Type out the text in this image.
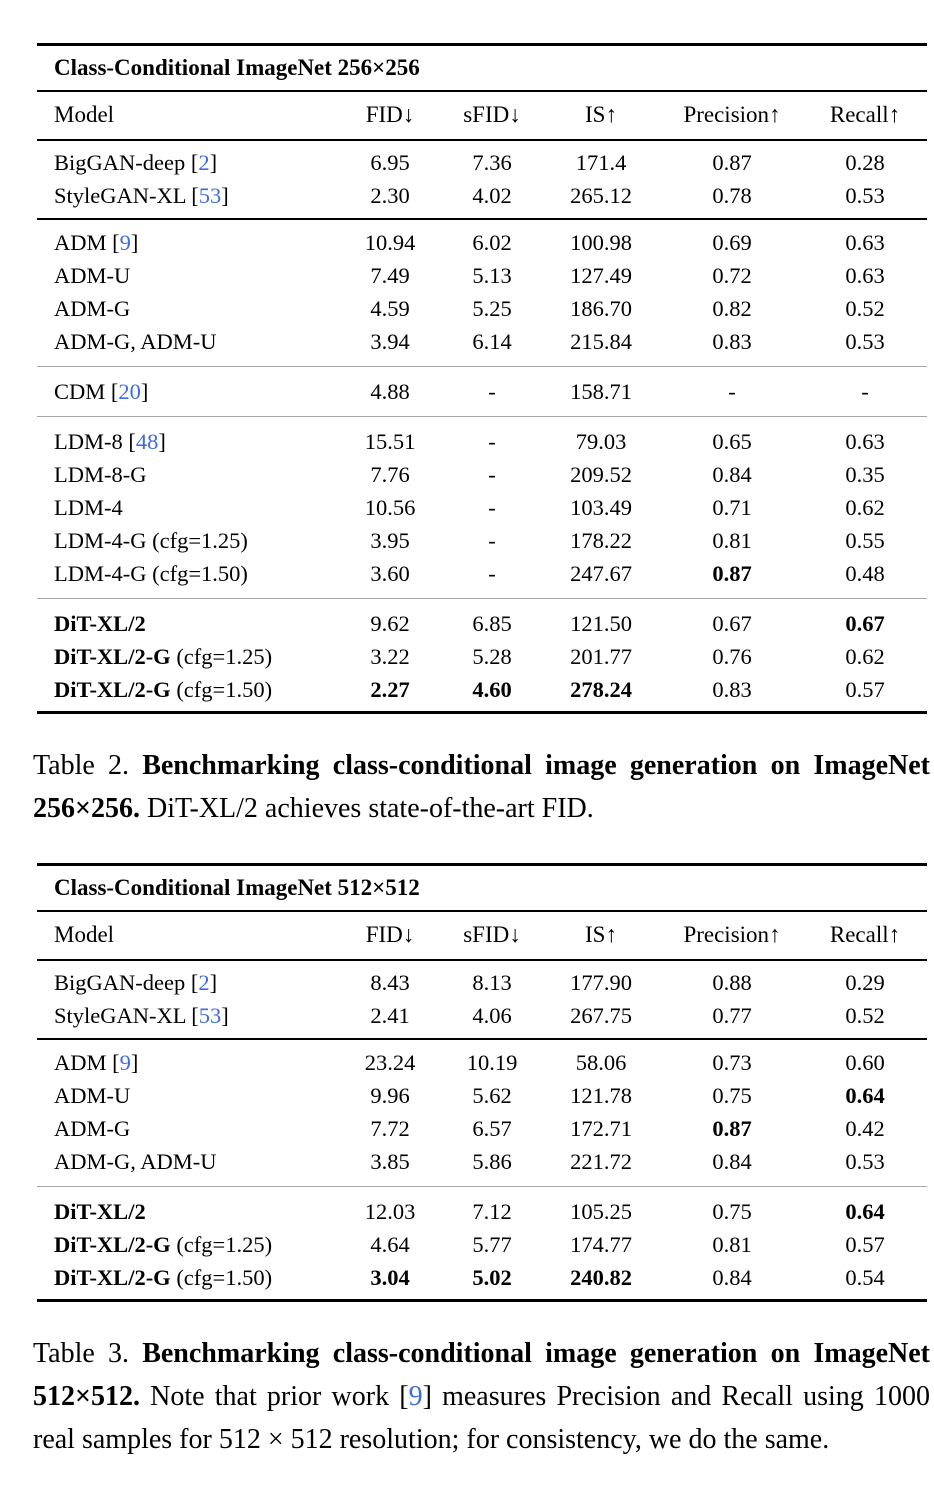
Class-Conditional ImageNet 256×256
Model	FID↓	sFID↓	IS↑	Precision↑	Recall↑
BigGAN-deep [2]	6.95	7.36	171.4	0.87	0.28
StyleGAN-XL [53]	2.30	4.02	265.12	0.78	0.53
ADM [9]	10.94	6.02	100.98	0.69	0.63
ADM-U	7.49	5.13	127.49	0.72	0.63
ADM-G	4.59	5.25	186.70	0.82	0.52
ADM-G, ADM-U	3.94	6.14	215.84	0.83	0.53
CDM [20]	4.88	-	158.71	-	-
LDM-8 [48]	15.51	-	79.03	0.65	0.63
LDM-8-G	7.76	-	209.52	0.84	0.35
LDM-4	10.56	-	103.49	0.71	0.62
LDM-4-G (cfg=1.25)	3.95	-	178.22	0.81	0.55
LDM-4-G (cfg=1.50)	3.60	-	247.67	0.87	0.48
DiT-XL/2	9.62	6.85	121.50	0.67	0.67
DiT-XL/2-G (cfg=1.25)	3.22	5.28	201.77	0.76	0.62
DiT-XL/2-G (cfg=1.50)	2.27	4.60	278.24	0.83	0.57
Table 2. Benchmarking class-conditional image generation on ImageNet 256×256. DiT-XL/2 achieves state-of-the-art FID.
Class-Conditional ImageNet 512×512
Model	FID↓	sFID↓	IS↑	Precision↑	Recall↑
BigGAN-deep [2]	8.43	8.13	177.90	0.88	0.29
StyleGAN-XL [53]	2.41	4.06	267.75	0.77	0.52
ADM [9]	23.24	10.19	58.06	0.73	0.60
ADM-U	9.96	5.62	121.78	0.75	0.64
ADM-G	7.72	6.57	172.71	0.87	0.42
ADM-G, ADM-U	3.85	5.86	221.72	0.84	0.53
DiT-XL/2	12.03	7.12	105.25	0.75	0.64
DiT-XL/2-G (cfg=1.25)	4.64	5.77	174.77	0.81	0.57
DiT-XL/2-G (cfg=1.50)	3.04	5.02	240.82	0.84	0.54
Table 3. Benchmarking class-conditional image generation on ImageNet 512×512. Note that prior work [9] measures Precision and Recall using 1000 real samples for 512 × 512 resolution; for consistency, we do the same.
